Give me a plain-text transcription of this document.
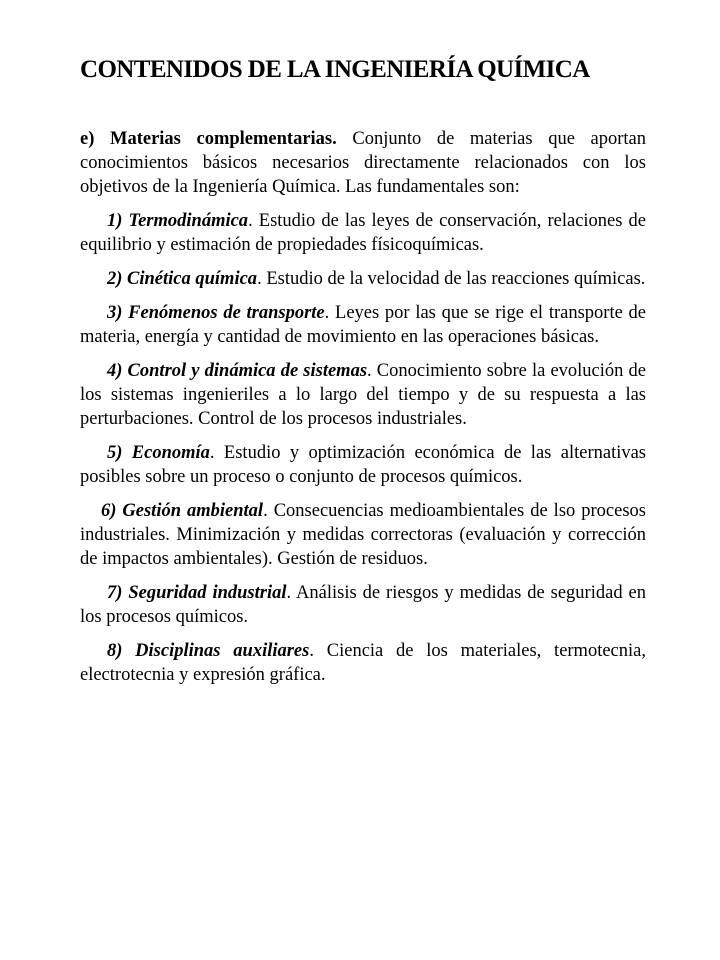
CONTENIDOS DE LA INGENIERÍA QUÍMICA

e) Materias complementarias. Conjunto de materias que aportan conocimientos básicos necesarios directamente relacionados con los objetivos de la Ingeniería Química. Las fundamentales son:

1) Termodinámica. Estudio de las leyes de conservación, relaciones de equilibrio y estimación de propiedades físicoquímicas.

2) Cinética química. Estudio de la velocidad de las reacciones químicas.

3) Fenómenos de transporte. Leyes por las que se rige el transporte de materia, energía y cantidad de movimiento en las operaciones básicas.

4) Control y dinámica de sistemas. Conocimiento sobre la evolución de los sistemas ingenieriles a lo largo del tiempo y de su respuesta a las perturbaciones. Control de los procesos industriales.

5) Economía. Estudio y optimización económica de las alternativas posibles sobre un proceso o conjunto de procesos químicos.

6) Gestión ambiental. Consecuencias medioambientales de lso procesos industriales. Minimización y medidas correctoras (evaluación y corrección de impactos ambientales). Gestión de residuos.

7) Seguridad industrial. Análisis de riesgos y medidas de seguridad en los procesos químicos.

8) Disciplinas auxiliares. Ciencia de los materiales, termotecnia, electrotecnia y expresión gráfica.
